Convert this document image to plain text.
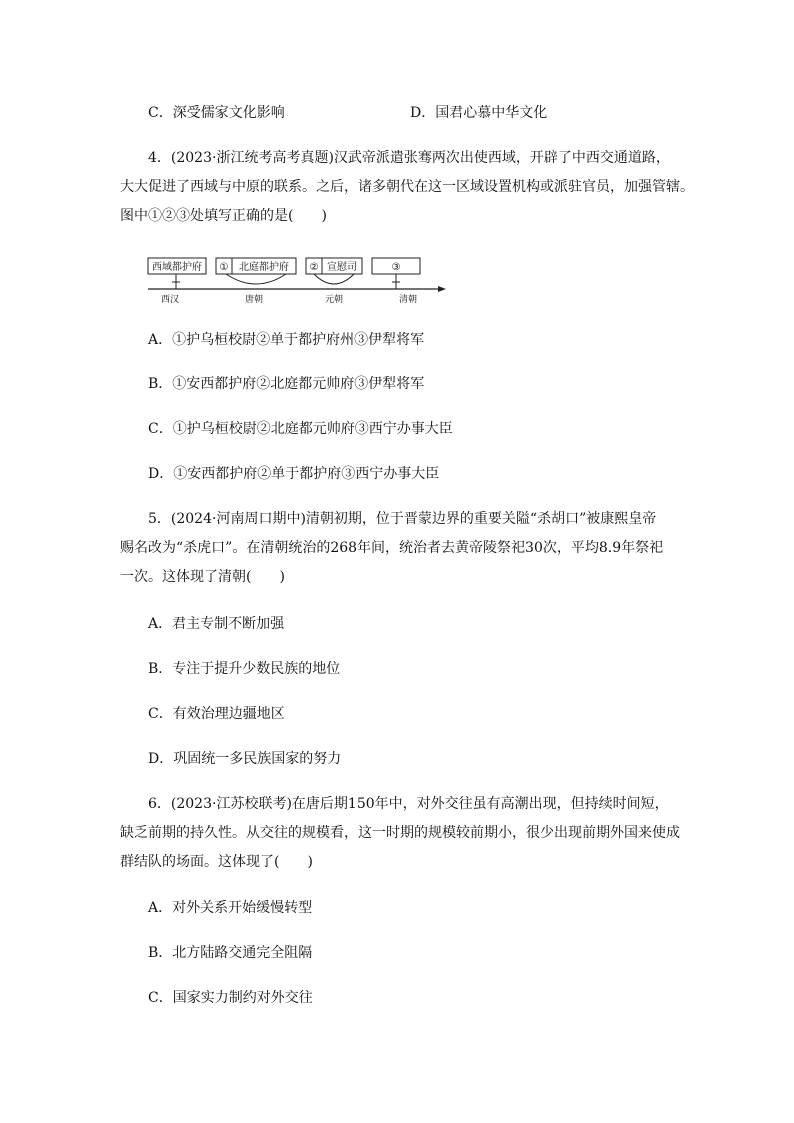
C．深受儒家文化影响	D．国君心慕中华文化
4．(2023·浙江统考高考真题)汉武帝派遣张骞两次出使西域，开辟了中西交通道路，
大大促进了西域与中原的联系。之后，诸多朝代在这一区域设置机构或派驻官员，加强管辖。
图中①②③处填写正确的是(　　)
西域都护府 ① 北庭都护府 ② 宣慰司	③
西汉	唐朝	元朝	清朝
A．①护乌桓校尉②单于都护府州③伊犁将军
B．①安西都护府②北庭都元帅府③伊犁将军
C．①护乌桓校尉②北庭都元帅府③西宁办事大臣
D．①安西都护府②单于都护府③西宁办事大臣
5．(2024·河南周口期中)清朝初期，位于晋蒙边界的重要关隘“杀胡口”被康熙皇帝
赐名改为“杀虎口”。在清朝统治的268年间，统治者去黄帝陵祭祀30次，平均8.9年祭祀
一次。这体现了清朝(　　)
A．君主专制不断加强
B．专注于提升少数民族的地位
C．有效治理边疆地区
D．巩固统一多民族国家的努力
6．(2023·江苏校联考)在唐后期150年中，对外交往虽有高潮出现，但持续时间短，
缺乏前期的持久性。从交往的规模看，这一时期的规模较前期小，很少出现前期外国来使成
群结队的场面。这体现了(　　)
A．对外关系开始缓慢转型
B．北方陆路交通完全阻隔
C．国家实力制约对外交往
